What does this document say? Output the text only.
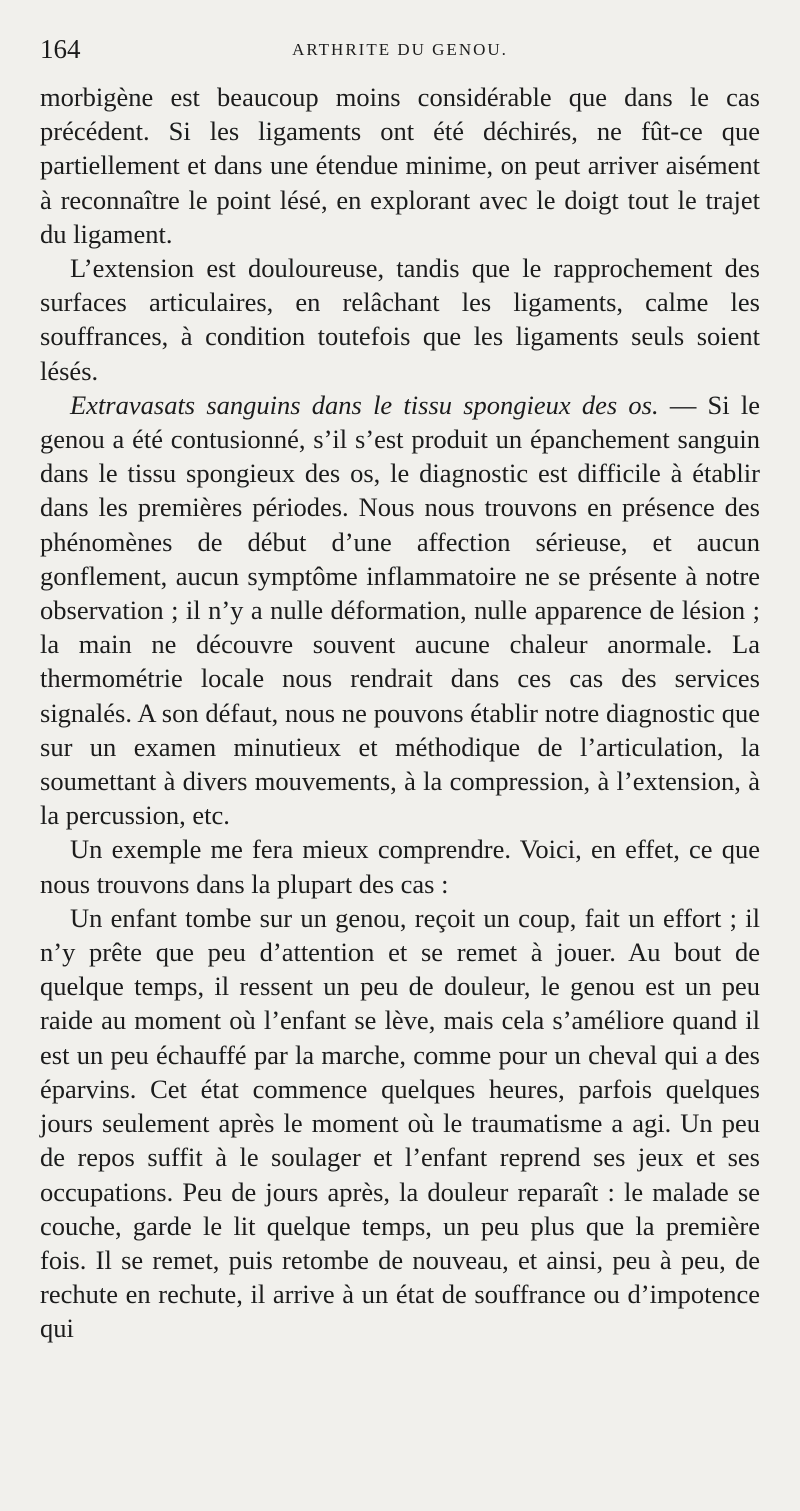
164	ARTHRITE DU GENOU.

morbigène est beaucoup moins considérable que dans le cas précédent. Si les ligaments ont été déchirés, ne fût-ce que partiellement et dans une étendue minime, on peut arriver aisément à reconnaître le point lésé, en explorant avec le doigt tout le trajet du ligament.

L’extension est douloureuse, tandis que le rapprochement des surfaces articulaires, en relâchant les ligaments, calme les souffrances, à condition toutefois que les ligaments seuls soient lésés.

Extravasats sanguins dans le tissu spongieux des os. — Si le genou a été contusionné, s’il s’est produit un épanchement sanguin dans le tissu spongieux des os, le diagnostic est difficile à établir dans les premières périodes. Nous nous trouvons en présence des phénomènes de début d’une affection sérieuse, et aucun gonflement, aucun symptôme inflammatoire ne se présente à notre observation ; il n’y a nulle déformation, nulle apparence de lésion ; la main ne découvre souvent aucune chaleur anormale. La thermométrie locale nous rendrait dans ces cas des services signalés. A son défaut, nous ne pouvons établir notre diagnostic que sur un examen minutieux et méthodique de l’articulation, la soumettant à divers mouvements, à la compression, à l’extension, à la percussion, etc.

Un exemple me fera mieux comprendre. Voici, en effet, ce que nous trouvons dans la plupart des cas :

Un enfant tombe sur un genou, reçoit un coup, fait un effort ; il n’y prête que peu d’attention et se remet à jouer. Au bout de quelque temps, il ressent un peu de douleur, le genou est un peu raide au moment où l’enfant se lève, mais cela s’améliore quand il est un peu échauffé par la marche, comme pour un cheval qui a des éparvins. Cet état commence quelques heures, parfois quelques jours seulement après le moment où le traumatisme a agi. Un peu de repos suffit à le soulager et l’enfant reprend ses jeux et ses occupations. Peu de jours après, la douleur reparaît : le malade se couche, garde le lit quelque temps, un peu plus que la première fois. Il se remet, puis retombe de nouveau, et ainsi, peu à peu, de rechute en rechute, il arrive à un état de souffrance ou d’impotence qui
